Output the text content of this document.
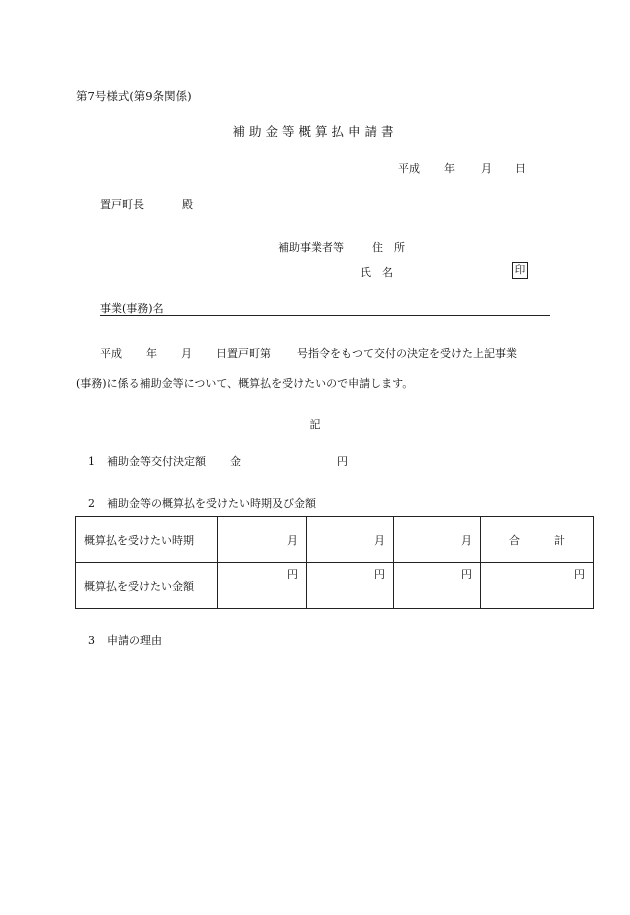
第7号様式(第9条関係)
補助金等概算払申請書
平成 年 月 日
置戸町長	殿
補助事業者等	住　所
氏　名	印
事業(事務)名
平成 年 月 日置戸町第 号指令をもつて交付の決定を受けた上記事業
(事務)に係る補助金等について、概算払を受けたいので申請します。
記
1 補助金等交付決定額 金	円
2 補助金等の概算払を受けたい時期及び金額
概算払を受けたい時期	月	月	月	合 計
概算払を受けたい金額	円	円	円	円
3 申請の理由
